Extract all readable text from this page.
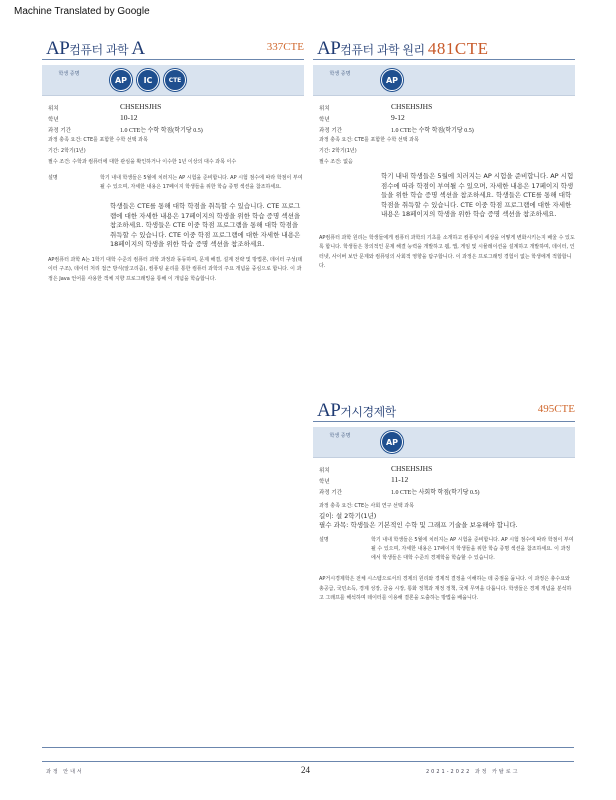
Machine Translated by Google
AP컴퓨터 과학 A	337CTE
학생 증명
AP	IC	CTE
위치	CHSEHSJHS
학년	10-12
과정 기간	1.0 CTE는 수학 학점(학기당 0.5)
과정 충족 요건: CTE를 포함한 수학 선택 과목
기간: 2학기(1년)
필수 조건: 수학과 컴퓨터에 대한 관심을 확인하거나 이수한 1년 이상의 대수 과목 이수
설명	학기 내내 학생들은 5월에 치러지는 AP 시험을 준비합니다. AP 시험 점수에 따라 학점이 부여될 수 있으며, 자세한 내용은 17페이지 학생들을 위한 학습 증명 섹션을 참조하세요.
학생들은 CTE를 통해 대학 학점을 취득할 수 있습니다. CTE 프로그램에 대한 자세한 내용은 17페이지의 학생을 위한 학습 증명 섹션을 참조하세요. 학생들은 CTE 이중 학점 프로그램을 통해 대학 학점을 취득할 수 있습니다. CTE 이중 학점 프로그램에 대한 자세한 내용은 18페이지의 학생을 위한 학습 증명 섹션을 참조하세요.
AP컴퓨터 과학 A는 1학기 대학 수준의 컴퓨터 과학 과정과 동등하며, 문제 해결, 설계 전략 및 방법론, 데이터 구성(데이터 구조), 데이터 처리 접근 방식(알고리즘), 컴퓨팅 윤리를 통한 컴퓨터 과학의 주요 개념을 중심으로 합니다. 이 과정은 Java 언어를 사용한 객체 지향 프로그래밍을 통해 이 개념을 학습합니다.
AP컴퓨터 과학 원리 481CTE
학생 증명
AP
위치	CHSEHSJHS
학년	9-12
과정 기간	1.0 CTE는 수학 학점(학기당 0.5)
과정 충족 요건: CTE를 포함한 수학 선택 과목
기간: 2학기(1년)
필수 조건: 없음
학기 내내 학생들은 5월에 치러지는 AP 시험을 준비합니다. AP 시험 점수에 따라 학점이 부여될 수 있으며, 자세한 내용은 17페이지 학생들을 위한 학습 증명 섹션을 참조하세요. 학생들은 CTE를 통해 대학 학점을 취득할 수 있습니다. CTE 이중 학점 프로그램에 대한 자세한 내용은 18페이지의 학생을 위한 학습 증명 섹션을 참조하세요.
AP컴퓨터 과학 원리는 학생들에게 컴퓨터 과학의 기초를 소개하고 컴퓨팅이 세상을 어떻게 변화시키는지 배울 수 있도록 합니다. 학생들은 창의적인 문제 해결 능력을 개발하고 웹, 앱, 게임 및 시뮬레이션을 설계하고 개발하며, 데이터, 인터넷, 사이버 보안 문제와 컴퓨팅의 사회적 영향을 탐구합니다. 이 과정은 프로그래밍 경험이 없는 학생에게 적합합니다.
AP거시경제학	495CTE
학생 증명
AP
위치	CHSEHSJHS
학년	11-12
과정 기간	1.0 CTE는 사회학 학점(학기당 0.5)
과정 충족 요건: CTE는 사회 연구 선택 과목
길이: 설 2학기(1년)
필수 과목: 학생들은 기본적인 수학 및 그래프 기술을 보유해야 합니다.
설명	학기 내내 학생들은 5월에 치러지는 AP 시험을 준비합니다. AP 시험 점수에 따라 학점이 부여될 수 있으며, 자세한 내용은 17페이지 학생들을 위한 학습 증명 섹션을 참조하세요. 이 과정에서 학생들은 대학 수준의 경제학을 학습할 수 있습니다.
AP거시경제학은 전체 시스템으로서의 경제의 원리와 경제적 결정을 이해하는 데 중점을 둡니다. 이 과정은 총수요와 총공급, 국민소득, 경제 성장, 금융 시장, 통화 정책과 재정 정책, 국제 무역을 다룹니다. 학생들은 경제 개념을 분석하고 그래프를 해석하며 데이터를 이용해 결론을 도출하는 방법을 배웁니다.
과정 안내서	24	2021-2022 과정 카탈로그
